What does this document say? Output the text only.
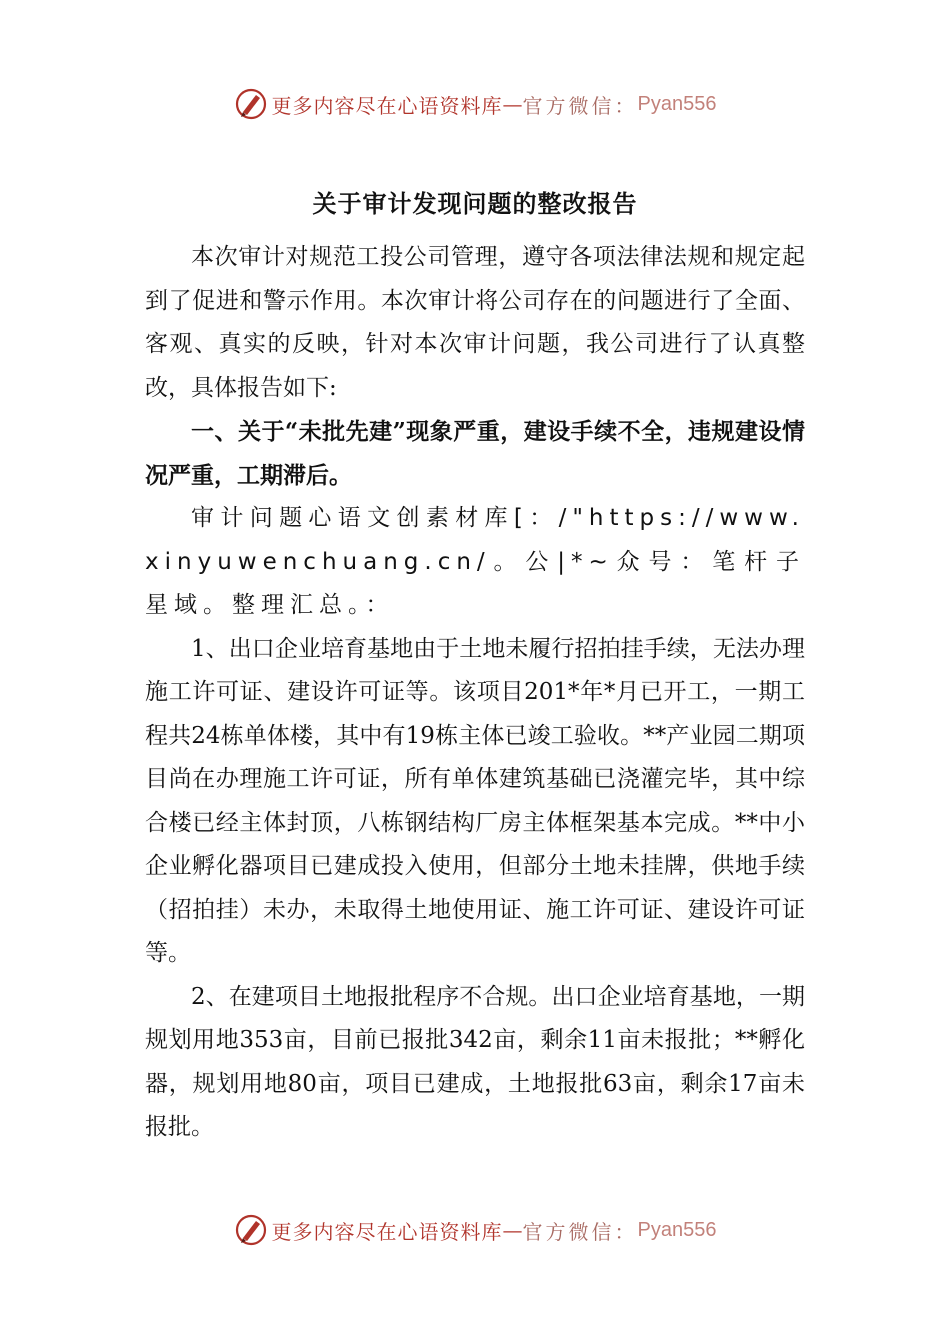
更多内容尽在心语资料库 — 官方微信： Pyan556
关于审计发现问题的整改报告

本次审计对规范工投公司管理，遵守各项法律法规和规定起到了促进和警示作用。本次审计将公司存在的问题进行了全面、客观、真实的反映，针对本次审计问题，我公司进行了认真整改，具体报告如下:

一、关于“未批先建”现象严重，建设手续不全，违规建设情况严重，工期滞后。

审计问题心语文创素材库[：/"https://www.xinyuwenchuang.cn/。公|*~众号：笔杆子星域。整理汇总。：

1、出口企业培育基地由于土地未履行招拍挂手续，无法办理施工许可证、建设许可证等。该项目201*年*月已开工，一期工程共24栋单体楼，其中有19栋主体已竣工验收。**产业园二期项目尚在办理施工许可证，所有单体建筑基础已浇灌完毕，其中综合楼已经主体封顶，八栋钢结构厂房主体框架基本完成。**中小企业孵化器项目已建成投入使用，但部分土地未挂牌，供地手续（招拍挂）未办，未取得土地使用证、施工许可证、建设许可证等。

2、在建项目土地报批程序不合规。出口企业培育基地，一期规划用地353亩，目前已报批342亩，剩余11亩未报批；**孵化器，规划用地80亩，项目已建成，土地报批63亩，剩余17亩未报批。

更多内容尽在心语资料库 — 官方微信： Pyan556
